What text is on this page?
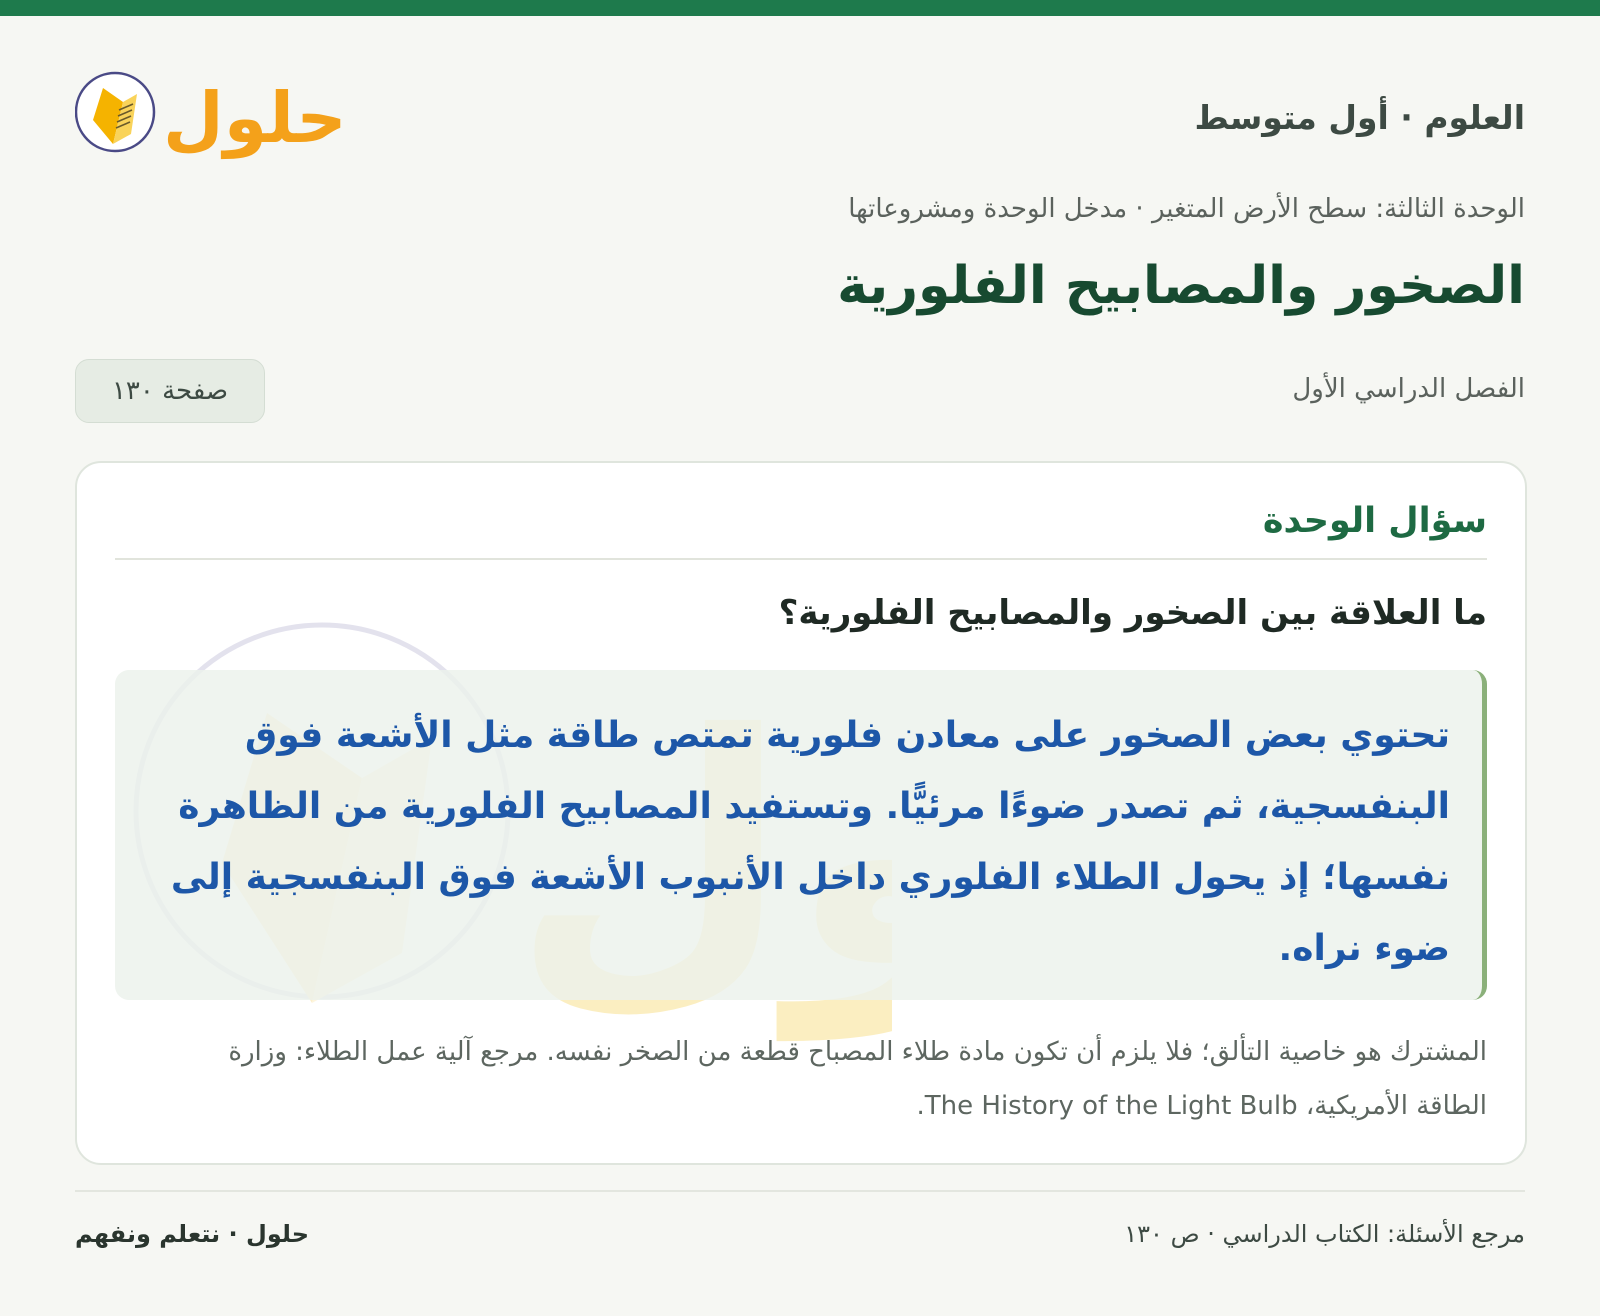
العلوم · أول متوسط
حلول
الوحدة الثالثة: سطح الأرض المتغير · مدخل الوحدة ومشروعاتها
الصخور والمصابيح الفلورية
الفصل الدراسي الأول
صفحة ١٣٠
سؤال الوحدة
ما العلاقة بين الصخور والمصابيح الفلورية؟
تحتوي بعض الصخور على معادن فلورية تمتص طاقة مثل الأشعة فوق البنفسجية، ثم تصدر ضوءًا مرئيًّا. وتستفيد المصابيح الفلورية من الظاهرة نفسها؛ إذ يحول الطلاء الفلوري داخل الأنبوب الأشعة فوق البنفسجية إلى ضوء نراه.
المشترك هو خاصية التألق؛ فلا يلزم أن تكون مادة طلاء المصباح قطعة من الصخر نفسه. مرجع آلية عمل الطلاء: وزارة الطاقة الأمريكية، The History of the Light Bulb.
مرجع الأسئلة: الكتاب الدراسي · ص ١٣٠
حلول · نتعلم ونفهم
